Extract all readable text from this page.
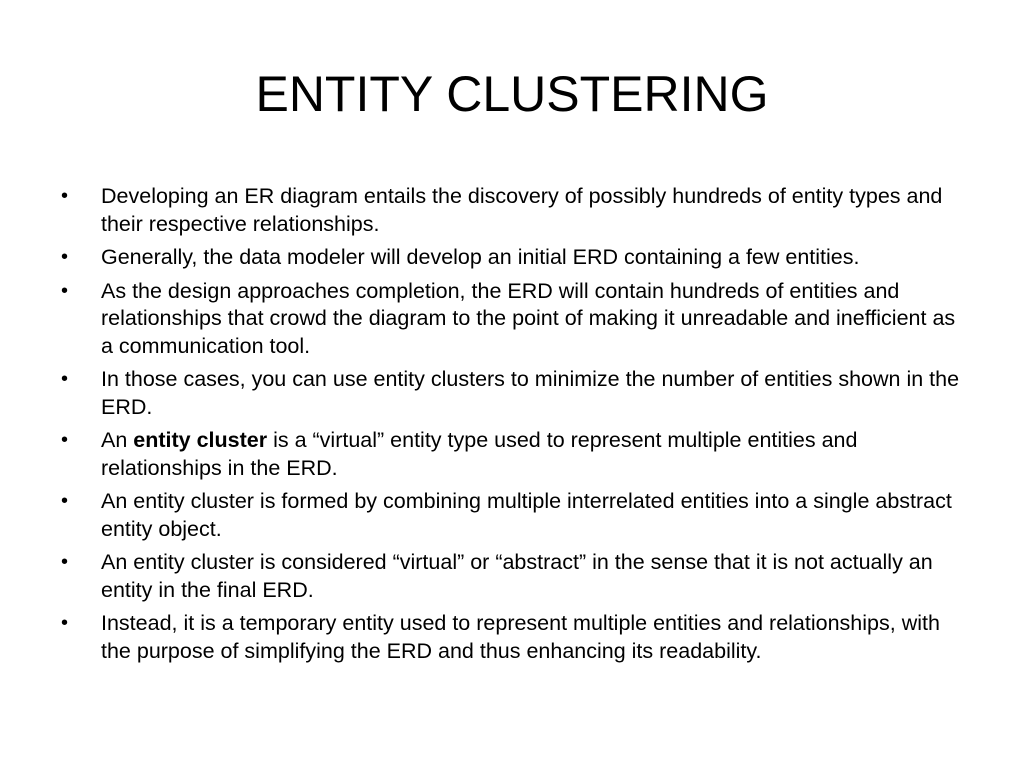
ENTITY CLUSTERING
• Developing an ER diagram entails the discovery of possibly hundreds of entity types and their respective relationships.
• Generally, the data modeler will develop an initial ERD containing a few entities.
• As the design approaches completion, the ERD will contain hundreds of entities and relationships that crowd the diagram to the point of making it unreadable and inefficient as a communication tool.
• In those cases, you can use entity clusters to minimize the number of entities shown in the ERD.
• An entity cluster is a “virtual” entity type used to represent multiple entities and relationships in the ERD.
• An entity cluster is formed by combining multiple interrelated entities into a single abstract entity object.
• An entity cluster is considered “virtual” or “abstract” in the sense that it is not actually an entity in the final ERD.
• Instead, it is a temporary entity used to represent multiple entities and relationships, with the purpose of simplifying the ERD and thus enhancing its readability.
